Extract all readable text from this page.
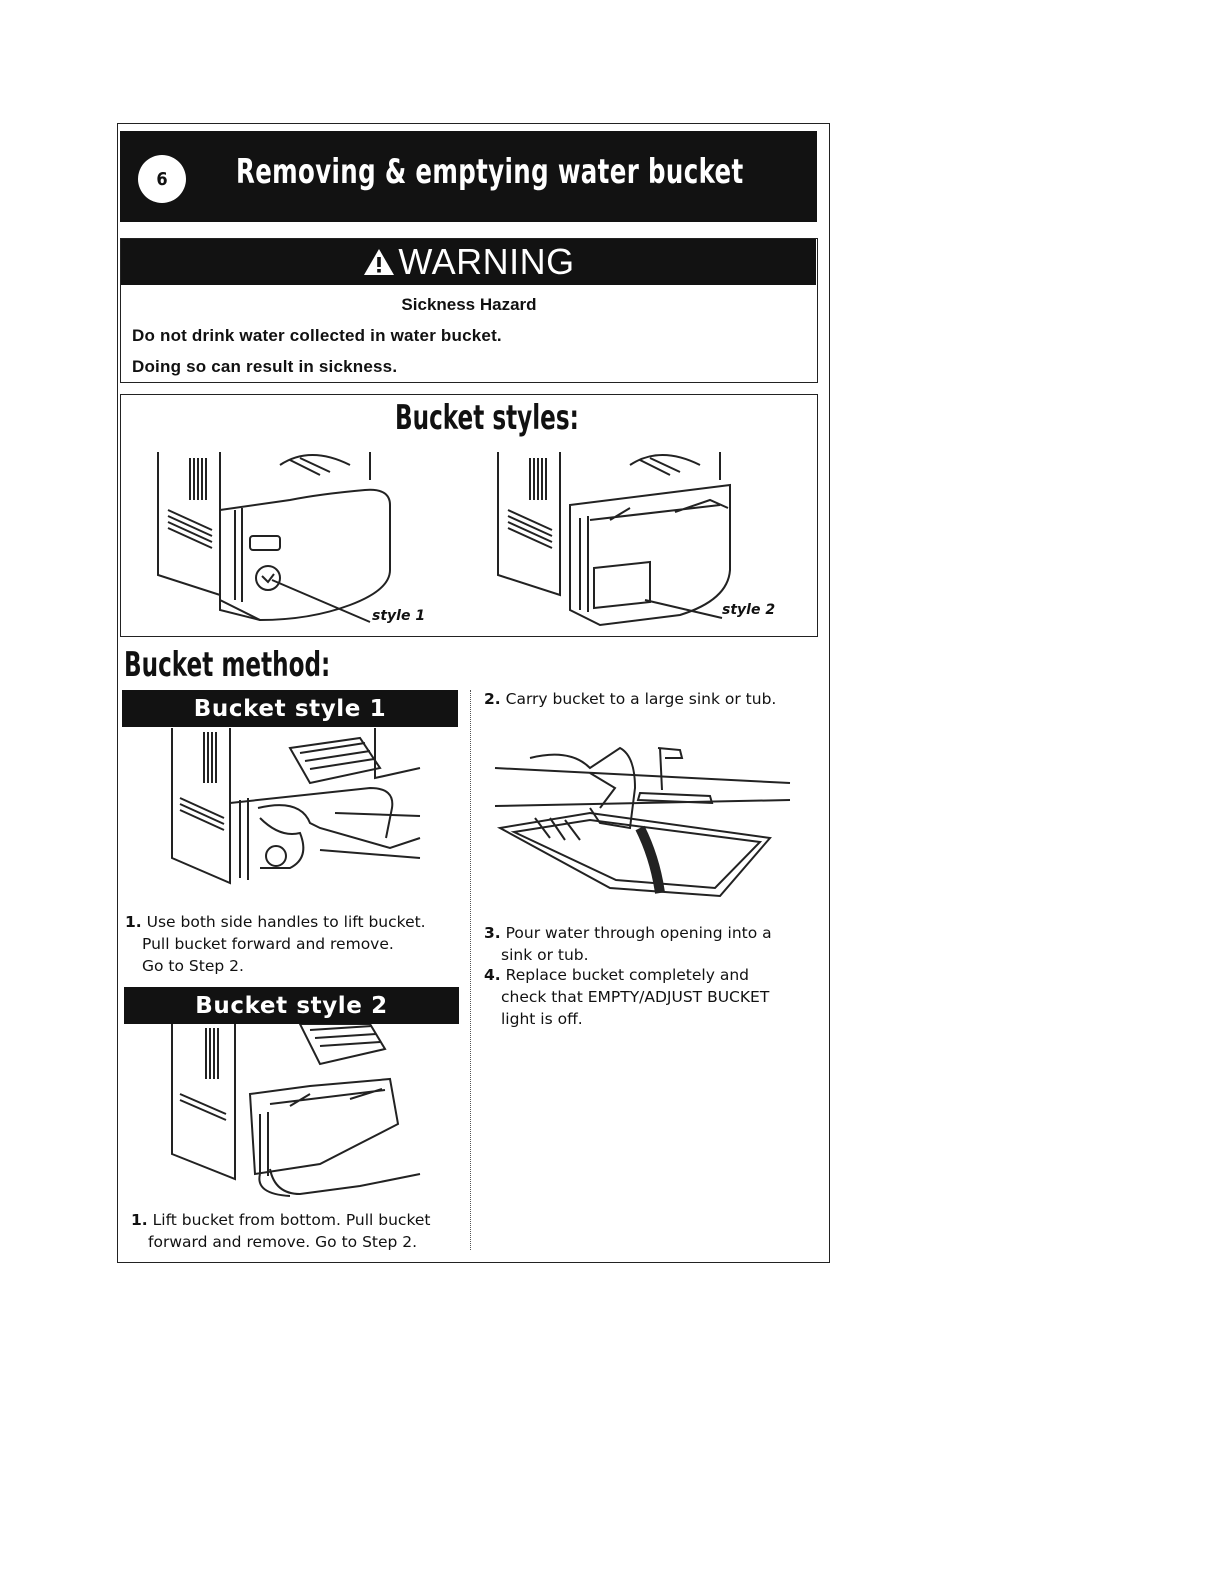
6	Removing & emptying water bucket
WARNING
Sickness Hazard
Do not drink water collected in water bucket.
Doing so can result in sickness.
Bucket styles:
style 1	style 2
Bucket method:
Bucket style 1
1. Use both side handles to lift bucket.
Pull bucket forward and remove.
Go to Step 2.
Bucket style 2
1. Lift bucket from bottom. Pull bucket
forward and remove. Go to Step 2.
2. Carry bucket to a large sink or tub.
3. Pour water through opening into a
sink or tub.
4. Replace bucket completely and
check that EMPTY/ADJUST BUCKET
light is off.
